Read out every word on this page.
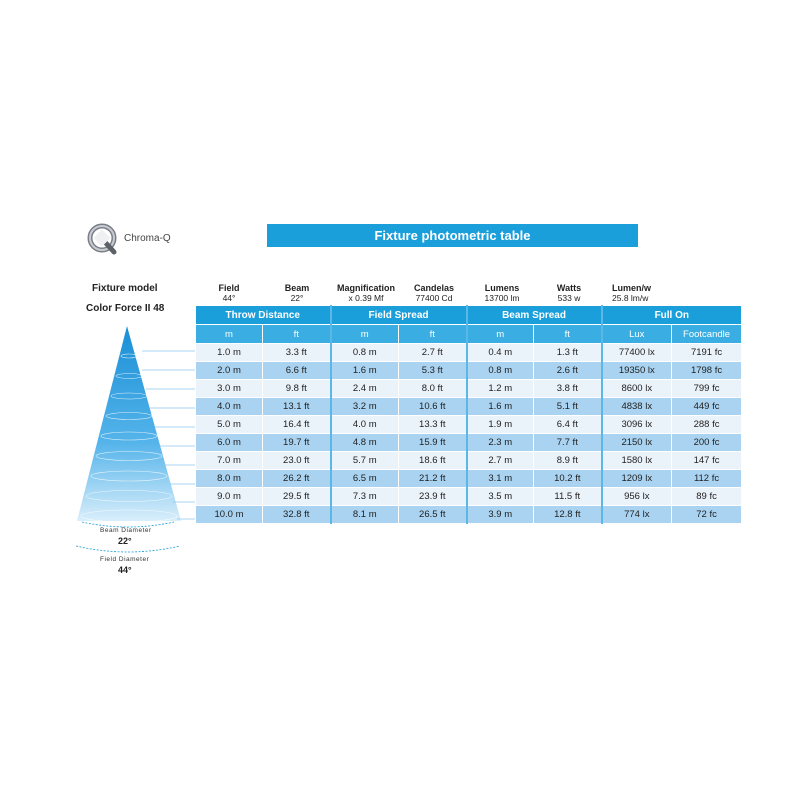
Chroma-Q	Fixture photometric table
Fixture model
Color Force II 48
Field
44°
Beam
22°
Magnification
x 0.39 Mf
Candelas
77400 Cd
Lumens
13700 lm
Watts
533 w
Lumen/w
25.8 lm/w
Beam Diameter
22°
Field Diameter
44°
Throw Distance		Field Spread		Beam Spread		Full On	
m	ft	m	ft	m	ft	Lux	Footcandle
1.0 m	3.3 ft	0.8 m	2.7 ft	0.4 m	1.3 ft	77400 lx	7191 fc
2.0 m	6.6 ft	1.6 m	5.3 ft	0.8 m	2.6 ft	19350 lx	1798 fc
3.0 m	9.8 ft	2.4 m	8.0 ft	1.2 m	3.8 ft	8600 lx	799 fc
4.0 m	13.1 ft	3.2 m	10.6 ft	1.6 m	5.1 ft	4838 lx	449 fc
5.0 m	16.4 ft	4.0 m	13.3 ft	1.9 m	6.4 ft	3096 lx	288 fc
6.0 m	19.7 ft	4.8 m	15.9 ft	2.3 m	7.7 ft	2150 lx	200 fc
7.0 m	23.0 ft	5.7 m	18.6 ft	2.7 m	8.9 ft	1580 lx	147 fc
8.0 m	26.2 ft	6.5 m	21.2 ft	3.1 m	10.2 ft	1209 lx	112 fc
9.0 m	29.5 ft	7.3 m	23.9 ft	3.5 m	11.5 ft	956 lx	89 fc
10.0 m	32.8 ft	8.1 m	26.5 ft	3.9 m	12.8 ft	774 lx	72 fc
